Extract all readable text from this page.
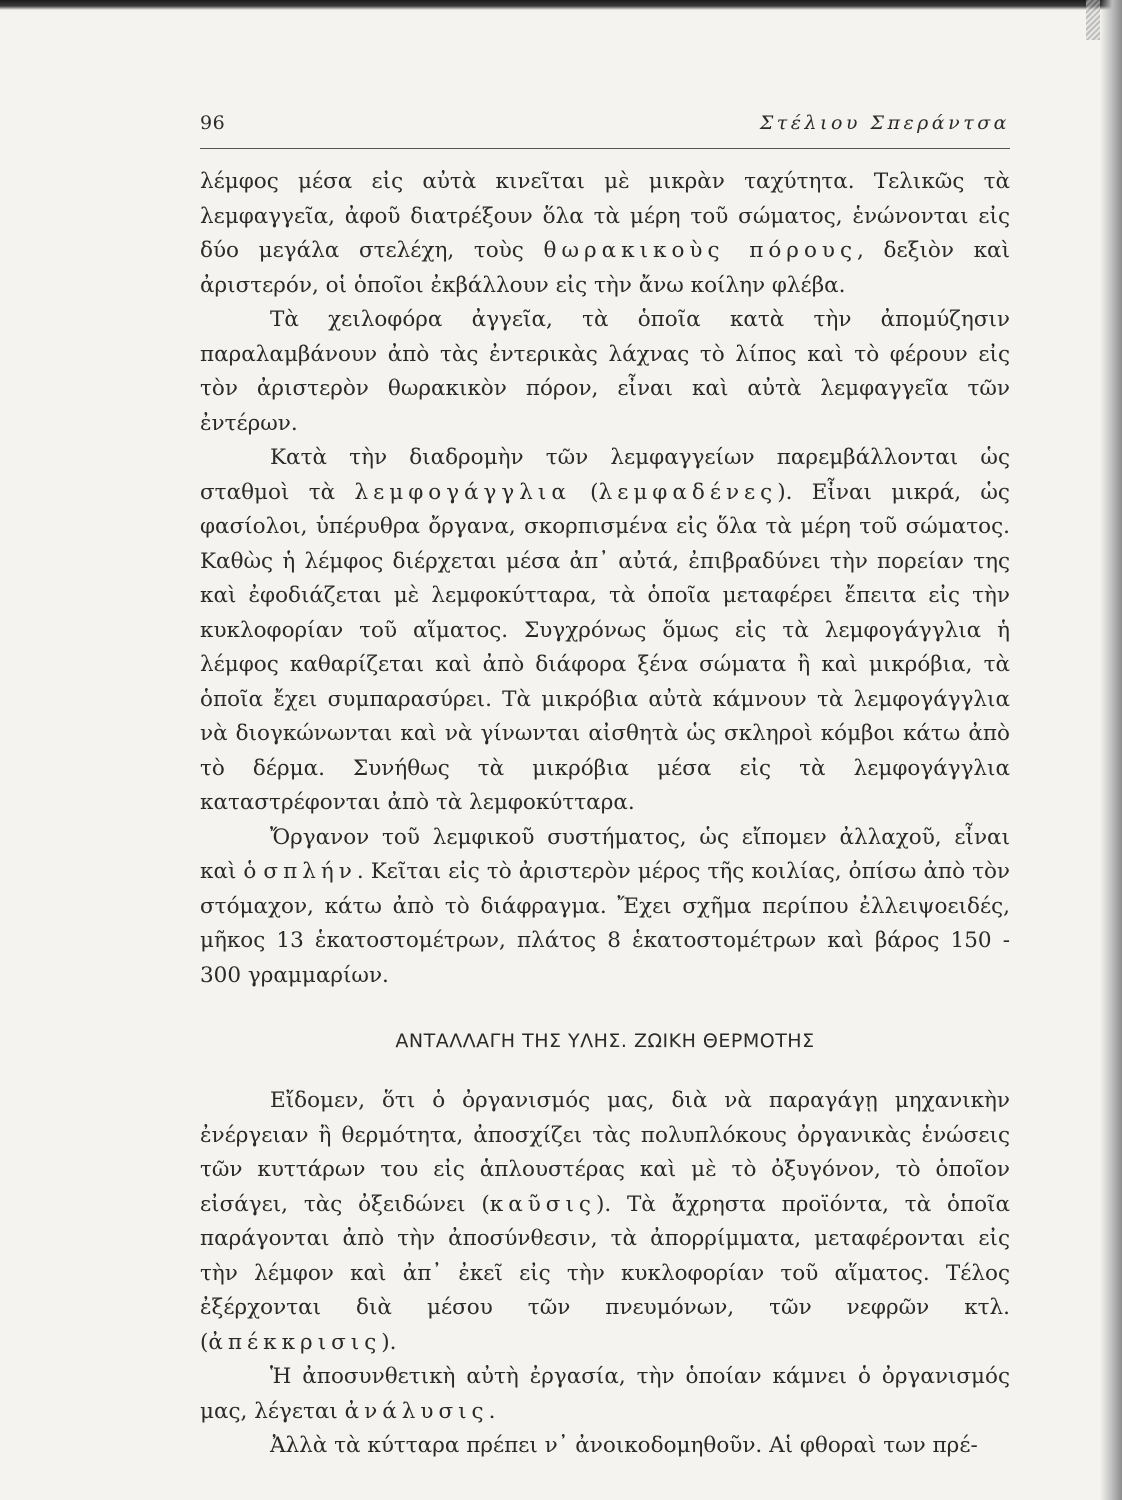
96	Στέλιου Σπεράντσα

λέμφος μέσα εἰς αὐτὰ κινεῖται μὲ μικρὰν ταχύτητα. Τελικῶς τὰ λεμφαγγεῖα, ἀφοῦ διατρέξουν ὅλα τὰ μέρη τοῦ σώματος, ἑνώνονται εἰς δύο μεγάλα στελέχη, τοὺς θωρακικοὺς πόρους, δεξιὸν καὶ ἀριστερόν, οἱ ὁποῖοι ἐκβάλλουν εἰς τὴν ἄνω κοίλην φλέβα.

Τὰ χειλοφόρα ἀγγεῖα, τὰ ὁποῖα κατὰ τὴν ἀπομύζησιν παραλαμβάνουν ἀπὸ τὰς ἐντερικὰς λάχνας τὸ λίπος καὶ τὸ φέρουν εἰς τὸν ἀριστερὸν θωρακικὸν πόρον, εἶναι καὶ αὐτὰ λεμφαγγεῖα τῶν ἐντέρων.

Κατὰ τὴν διαδρομὴν τῶν λεμφαγγείων παρεμβάλλονται ὡς σταθμοὶ τὰ λεμφογάγγλια (λεμφαδένες). Εἶναι μικρά, ὡς φασίολοι, ὑπέρυθρα ὄργανα, σκορπισμένα εἰς ὅλα τὰ μέρη τοῦ σώματος. Καθὼς ἡ λέμφος διέρχεται μέσα ἀπ᾿ αὐτά, ἐπιβραδύνει τὴν πορείαν της καὶ ἐφοδιάζεται μὲ λεμφοκύτταρα, τὰ ὁποῖα μεταφέρει ἔπειτα εἰς τὴν κυκλοφορίαν τοῦ αἵματος. Συγχρόνως ὅμως εἰς τὰ λεμφογάγγλια ἡ λέμφος καθαρίζεται καὶ ἀπὸ διάφορα ξένα σώματα ἢ καὶ μικρόβια, τὰ ὁποῖα ἔχει συμπαρασύρει. Τὰ μικρόβια αὐτὰ κάμνουν τὰ λεμφογάγγλια νὰ διογκώνωνται καὶ νὰ γίνωνται αἰσθητὰ ὡς σκληροὶ κόμβοι κάτω ἀπὸ τὸ δέρμα. Συνήθως τὰ μικρόβια μέσα εἰς τὰ λεμφογάγγλια καταστρέφονται ἀπὸ τὰ λεμφοκύτταρα.

Ὄργανον τοῦ λεμφικοῦ συστήματος, ὡς εἴπομεν ἀλλαχοῦ, εἶναι καὶ ὁ σπλήν. Κεῖται εἰς τὸ ἀριστερὸν μέρος τῆς κοιλίας, ὀπίσω ἀπὸ τὸν στόμαχον, κάτω ἀπὸ τὸ διάφραγμα. Ἔχει σχῆμα περίπου ἐλλειψοειδές, μῆκος 13 ἑκατοστομέτρων, πλάτος 8 ἑκατοστομέτρων καὶ βάρος 150 - 300 γραμμαρίων.

ΑΝΤΑΛΛΑΓΗ ΤΗΣ ΥΛΗΣ. ΖΩΙΚΗ ΘΕΡΜΟΤΗΣ

Εἴδομεν, ὅτι ὁ ὀργανισμός μας, διὰ νὰ παραγάγῃ μηχανικὴν ἐνέργειαν ἢ θερμότητα, ἀποσχίζει τὰς πολυπλόκους ὀργανικὰς ἑνώσεις τῶν κυττάρων του εἰς ἁπλουστέρας καὶ μὲ τὸ ὀξυγόνον, τὸ ὁποῖον εἰσάγει, τὰς ὀξειδώνει (καῦσις). Τὰ ἄχρηστα προϊόντα, τὰ ὁποῖα παράγονται ἀπὸ τὴν ἀποσύνθεσιν, τὰ ἀπορρίμματα, μεταφέρονται εἰς τὴν λέμφον καὶ ἀπ᾿ ἐκεῖ εἰς τὴν κυκλοφορίαν τοῦ αἵματος. Τέλος ἐξέρχονται διὰ μέσου τῶν πνευμόνων, τῶν νεφρῶν κτλ. (ἀπέκκρισις).

Ἡ ἀποσυνθετικὴ αὐτὴ ἐργασία, τὴν ὁποίαν κάμνει ὁ ὀργανισμός μας, λέγεται ἀνάλυσις.

Ἀλλὰ τὰ κύτταρα πρέπει ν᾿ ἀνοικοδομηθοῦν. Αἱ φθοραὶ των πρέ-
